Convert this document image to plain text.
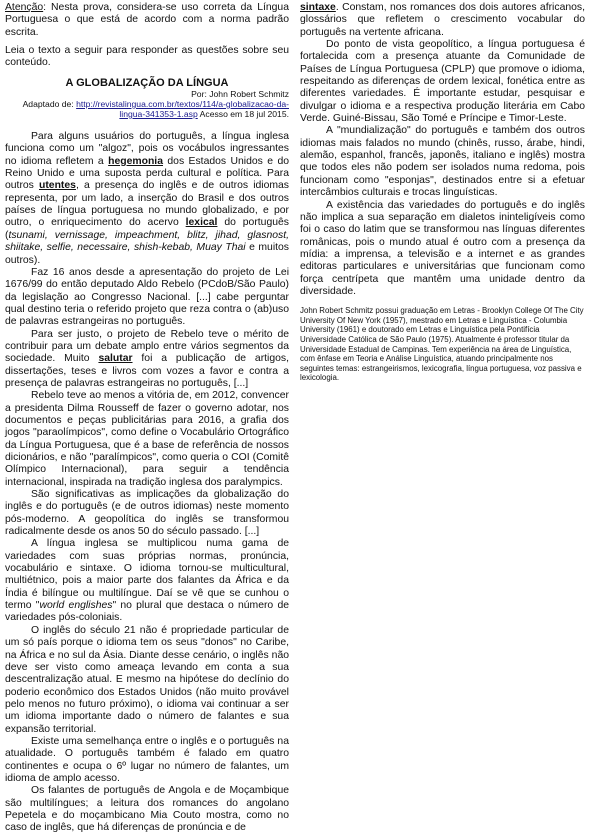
Atenção: Nesta prova, considera-se uso correta da Língua Portuguesa o que está de acordo com a norma padrão escrita.

Leia o texto a seguir para responder as questões sobre seu conteúdo.

A GLOBALIZAÇÃO DA LÍNGUA
Por: John Robert Schmitz
Adaptado de: http://revistalingua.com.br/textos/114/a-globalizacao-da-lingua-341353-1.asp Acesso em 18 jul 2015.

Para alguns usuários do português, a língua inglesa funciona como um "algoz", pois os vocábulos ingressantes no idioma refletem a hegemonia dos Estados Unidos e do Reino Unido e uma suposta perda cultural e política. Para outros utentes, a presença do inglês e de outros idiomas representa, por um lado, a inserção do Brasil e dos outros países de língua portuguesa no mundo globalizado, e por outro, o enriquecimento do acervo lexical do português (tsunami, vernissage, impeachment, blitz, jihad, glasnost, shiitake, selfie, necessaire, shish-kebab, Muay Thai e muitos outros).

Faz 16 anos desde a apresentação do projeto de Lei 1676/99 do então deputado Aldo Rebelo (PCdoB/São Paulo) da legislação ao Congresso Nacional. [...] cabe perguntar qual destino teria o referido projeto que reza contra o (ab)uso de palavras estrangeiras no português.

Para ser justo, o projeto de Rebelo teve o mérito de contribuir para um debate amplo entre vários segmentos da sociedade. Muito salutar foi a publicação de artigos, dissertações, teses e livros com vozes a favor e contra a presença de palavras estrangeiras no português, [...]

Rebelo teve ao menos a vitória de, em 2012, convencer a presidenta Dilma Rousseff de fazer o governo adotar, nos documentos e peças publicitárias para 2016, a grafia dos jogos "paraolímpicos", como define o Vocabulário Ortográfico da Língua Portuguesa, que é a base de referência de nossos dicionários, e não "paralímpicos", como queria o COI (Comitê Olímpico Internacional), para seguir a tendência internacional, inspirada na tradição inglesa dos paralympics.

São significativas as implicações da globalização do inglês e do português (e de outros idiomas) neste momento pós-moderno. A geopolítica do inglês se transformou radicalmente desde os anos 50 do século passado. [...]

A língua inglesa se multiplicou numa gama de variedades com suas próprias normas, pronúncia, vocabulário e sintaxe. O idioma tornou-se multicultural, multiétnico, pois a maior parte dos falantes da África e da Índia é bilíngue ou multilíngue. Daí se vê que se cunhou o termo "world englishes" no plural que destaca o número de variedades pós-coloniais.

O inglês do século 21 não é propriedade particular de um só país porque o idioma tem os seus "donos" no Caribe, na África e no sul da Ásia. Diante desse cenário, o inglês não deve ser visto como ameaça levando em conta a sua descentralização atual. E mesmo na hipótese do declínio do poderio econômico dos Estados Unidos (não muito provável pelo menos no futuro próximo), o idioma vai continuar a ser um idioma importante dado o número de falantes e sua expansão territorial.

Existe uma semelhança entre o inglês e o português na atualidade. O português também é falado em quatro continentes e ocupa o 6º lugar no número de falantes, um idioma de amplo acesso.

Os falantes de português de Angola e de Moçambique são multilíngues; a leitura dos romances do angolano Pepetela e do moçambicano Mia Couto mostra, como no caso de inglês, que há diferenças de pronúncia e de

sintaxe. Constam, nos romances dos dois autores africanos, glossários que refletem o crescimento vocabular do português na vertente africana.

Do ponto de vista geopolítico, a língua portuguesa é fortalecida com a presença atuante da Comunidade de Países de Língua Portuguesa (CPLP) que promove o idioma, respeitando as diferenças de ordem lexical, fonética entre as diferentes variedades. É importante estudar, pesquisar e divulgar o idioma e a respectiva produção literária em Cabo Verde. Guiné-Bissau, São Tomé e Príncipe e Timor-Leste.

A "mundialização" do português e também dos outros idiomas mais falados no mundo (chinês, russo, árabe, hindi, alemão, espanhol, francês, japonês, italiano e inglês) mostra que todos eles não podem ser isolados numa redoma, pois funcionam como "esponjas", destinados entre si a efetuar intercâmbios culturais e trocas linguísticas.

A existência das variedades do português e do inglês não implica a sua separação em dialetos ininteligíveis como foi o caso do latim que se transformou nas línguas diferentes românicas, pois o mundo atual é outro com a presença da mídia: a imprensa, a televisão e a internet e as grandes editoras particulares e universitárias que funcionam como força centrípeta que mantêm uma unidade dentro da diversidade.

John Robert Schmitz possui graduação em Letras - Brooklyn College Of The City University Of New York (1957), mestrado em Letras e Linguística - Columbia University (1961) e doutorado em Letras e Linguística pela Pontifícia Universidade Católica de São Paulo (1975). Atualmente é professor titular da Universidade Estadual de Campinas. Tem experiência na área de Linguística, com ênfase em Teoria e Análise Linguística, atuando principalmente nos seguintes temas: estrangeirismos, lexicografia, língua portuguesa, voz passiva e lexicologia.
